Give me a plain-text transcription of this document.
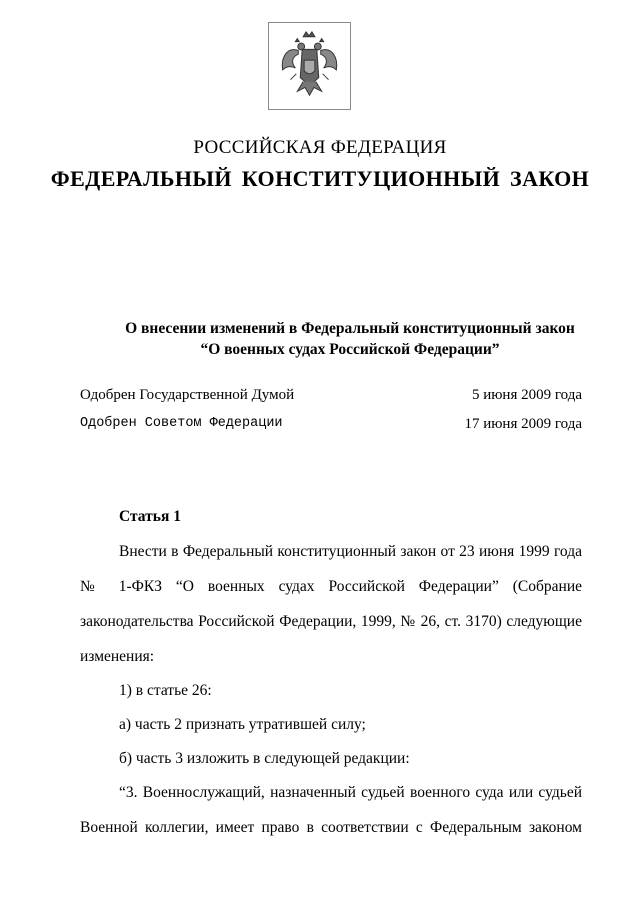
РОССИЙСКАЯ ФЕДЕРАЦИЯ
ФЕДЕРАЛЬНЫЙ КОНСТИТУЦИОННЫЙ ЗАКОН
О внесении изменений в Федеральный конституционный закон
“О военных судах Российской Федерации”
Одобрен Государственной Думой	5 июня 2009 года
Одобрен Советом Федерации	17 июня 2009 года
Статья 1
Внести в Федеральный конституционный закон от 23 июня 1999 года
№ 1-ФКЗ “О военных судах Российской Федерации” (Собрание
законодательства Российской Федерации, 1999, № 26, ст. 3170) следующие
изменения:
1) в статье 26:
а) часть 2 признать утратившей силу;
б) часть 3 изложить в следующей редакции:
“3. Военнослужащий, назначенный судьей военного суда или судьей
Военной коллегии, имеет право в соответствии с Федеральным законом
